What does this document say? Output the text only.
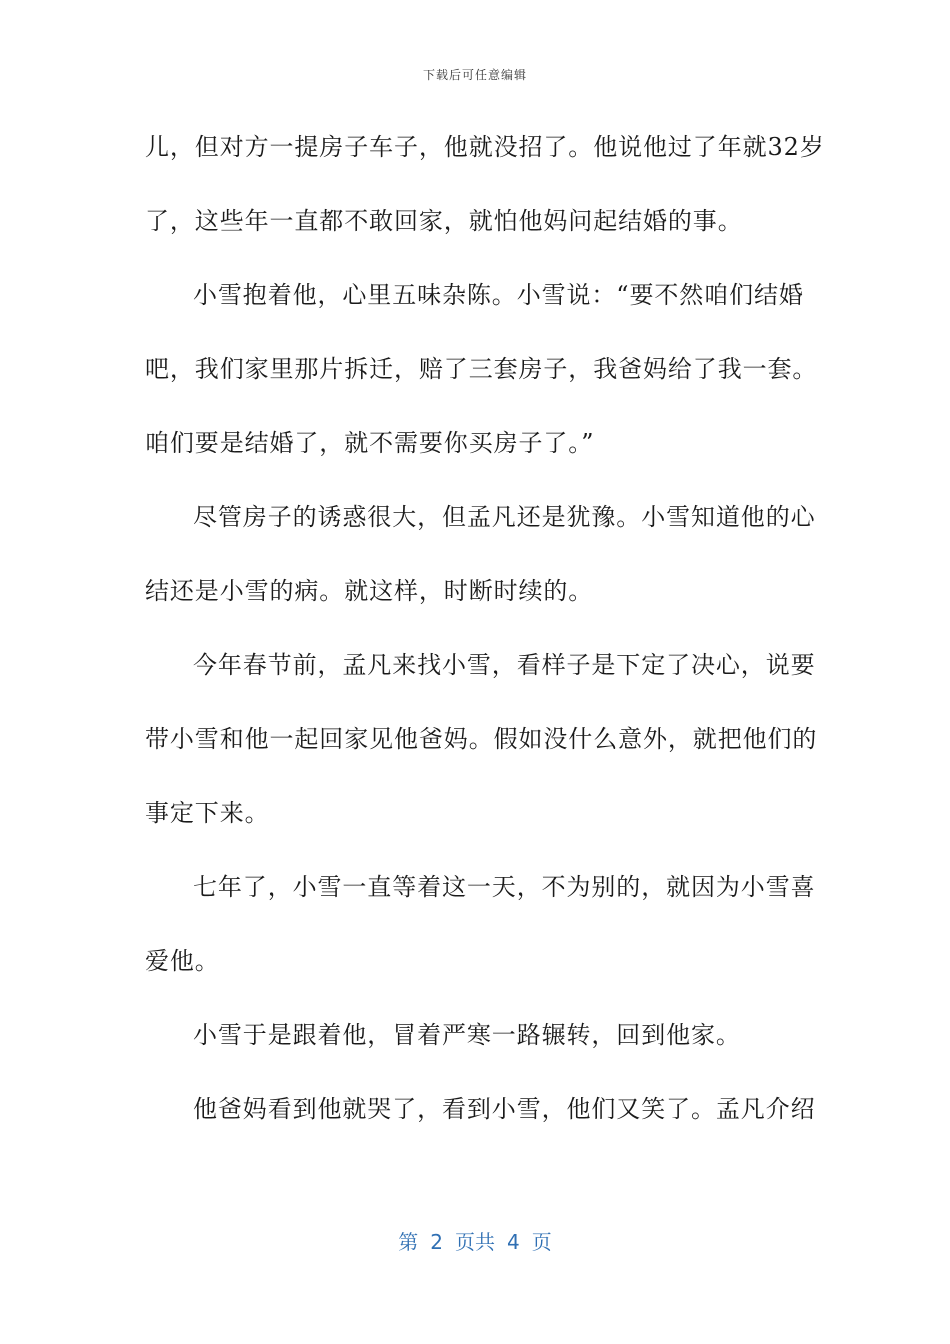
下载后可任意编辑
儿，但对方一提房子车子，他就没招了。他说他过了年就32岁
了，这些年一直都不敢回家，就怕他妈问起结婚的事。
小雪抱着他，心里五味杂陈。小雪说：“要不然咱们结婚
吧，我们家里那片拆迁，赔了三套房子，我爸妈给了我一套。
咱们要是结婚了，就不需要你买房子了。”
尽管房子的诱惑很大，但孟凡还是犹豫。小雪知道他的心
结还是小雪的病。就这样，时断时续的。
今年春节前，孟凡来找小雪，看样子是下定了决心，说要
带小雪和他一起回家见他爸妈。假如没什么意外，就把他们的
事定下来。
七年了，小雪一直等着这一天，不为别的，就因为小雪喜
爱他。
小雪于是跟着他，冒着严寒一路辗转，回到他家。
他爸妈看到他就哭了，看到小雪，他们又笑了。孟凡介绍
第 2 页共 4 页
